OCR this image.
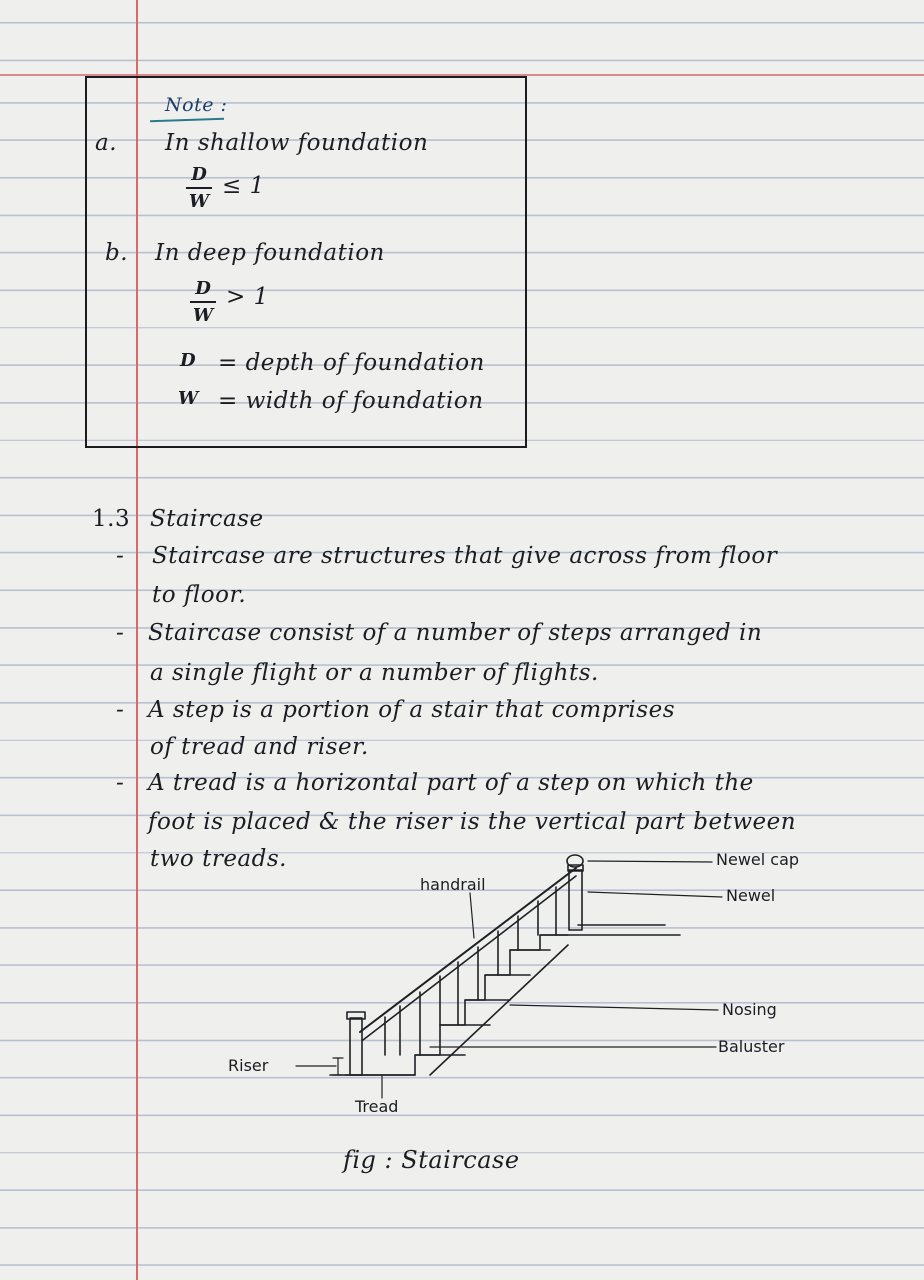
Note :
a. In shallow foundation
D
W
≤ 1
b. In deep foundation
D
W
> 1
D = depth of foundation
W = width of foundation
1.3 Staircase
- Staircase are structures that give across from floor
to floor.
- Staircase consist of a number of steps arranged in
a single flight or a number of flights.
- A step is a portion of a stair that comprises
of tread and riser.
- A tread is a horizontal part of a step on which the
foot is placed & the riser is the vertical part between
two treads.	Newel cap
Newel
handrail
Nosing
Baluster
Riser
Tread
fig : Staircase
